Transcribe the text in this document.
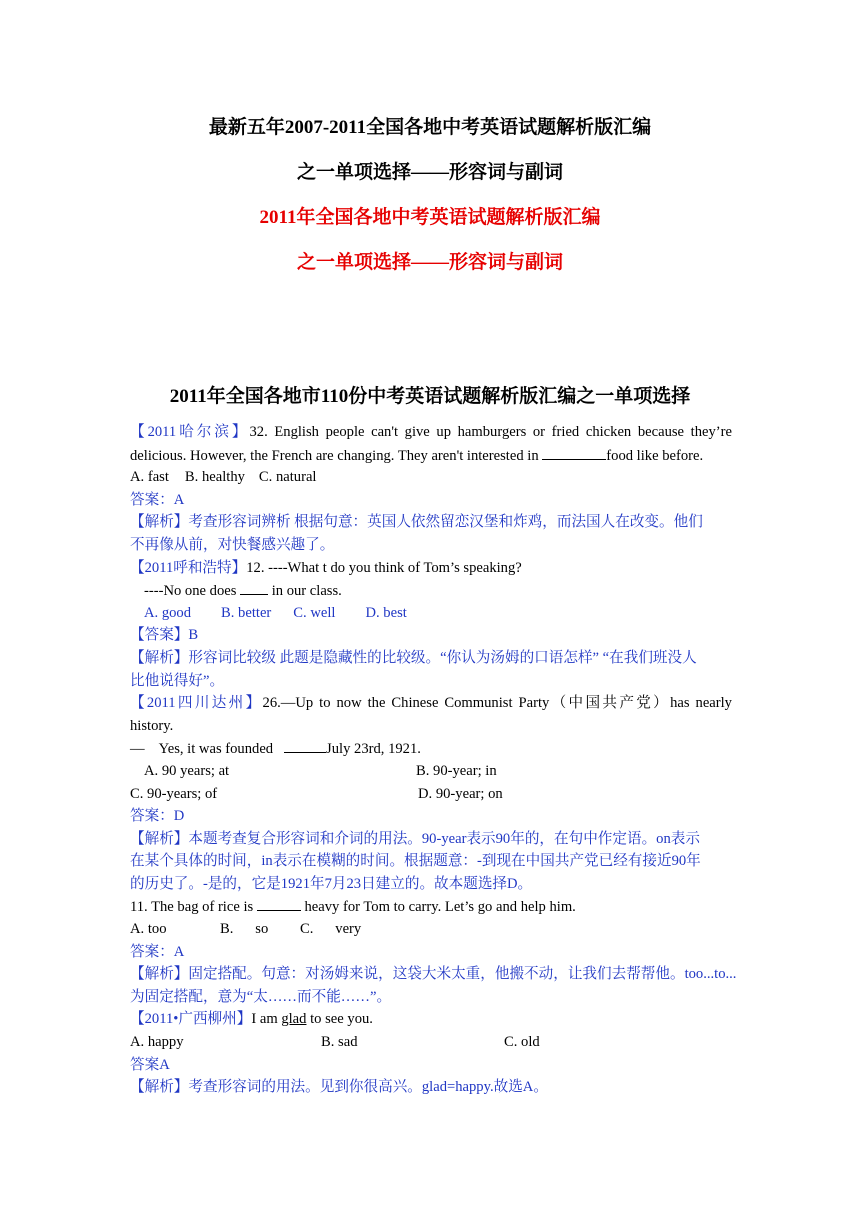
最新五年2007-2011全国各地中考英语试题解析版汇编
之一单项选择——形容词与副词
2011年全国各地中考英语试题解析版汇编
之一单项选择——形容词与副词
2011年全国各地市110份中考英语试题解析版汇编之一单项选择
【2011哈尔滨】32. English people can't give up hamburgers or fried chicken because they’re
delicious. However, the French are changing. They aren't interested in	food like before.
A. fast B. healthy C. natural
答案：A
【解析】考查形容词辨析 根据句意：英国人依然留恋汉堡和炸鸡，而法国人在改变。他们
不再像从前，对快餐感兴趣了。
【2011呼和浩特】12. ----What t do you think of Tom’s speaking?
----No one does  in our class.
A. good B. better C. well D. best
【答案】B
【解析】形容词比较级 此题是隐藏性的比较级。“你认为汤姆的口语怎样” “在我们班没人
比他说得好”。
【2011四川达州】26.—Up to now the Chinese Communist Party（中国共产党）has nearly
history.
—    Yes, it was founded	July 23rd, 1921.
A. 90 years; at	B. 90-year; in
C. 90-years; of	D. 90-year; on
答案：D
【解析】本题考查复合形容词和介词的用法。90-year表示90年的，在句中作定语。on表示
在某个具体的时间，in表示在模糊的时间。根据题意：-到现在中国共产党已经有接近90年
的历史了。-是的，它是1921年7月23日建立的。故本题选择D。
11. The bag of rice is	heavy for Tom to carry. Let’s go and help him.
A. too	B.      so C.      very
答案：A
【解析】固定搭配。句意：对汤姆来说，这袋大米太重，他搬不动，让我们去帮帮他。too...to...
为固定搭配，意为“太……而不能……”。
【2011•广西柳州】I am glad to see you.
A. happy	B. sad	C. old
答案A
【解析】考查形容词的用法。见到你很高兴。glad=happy.故选A。
